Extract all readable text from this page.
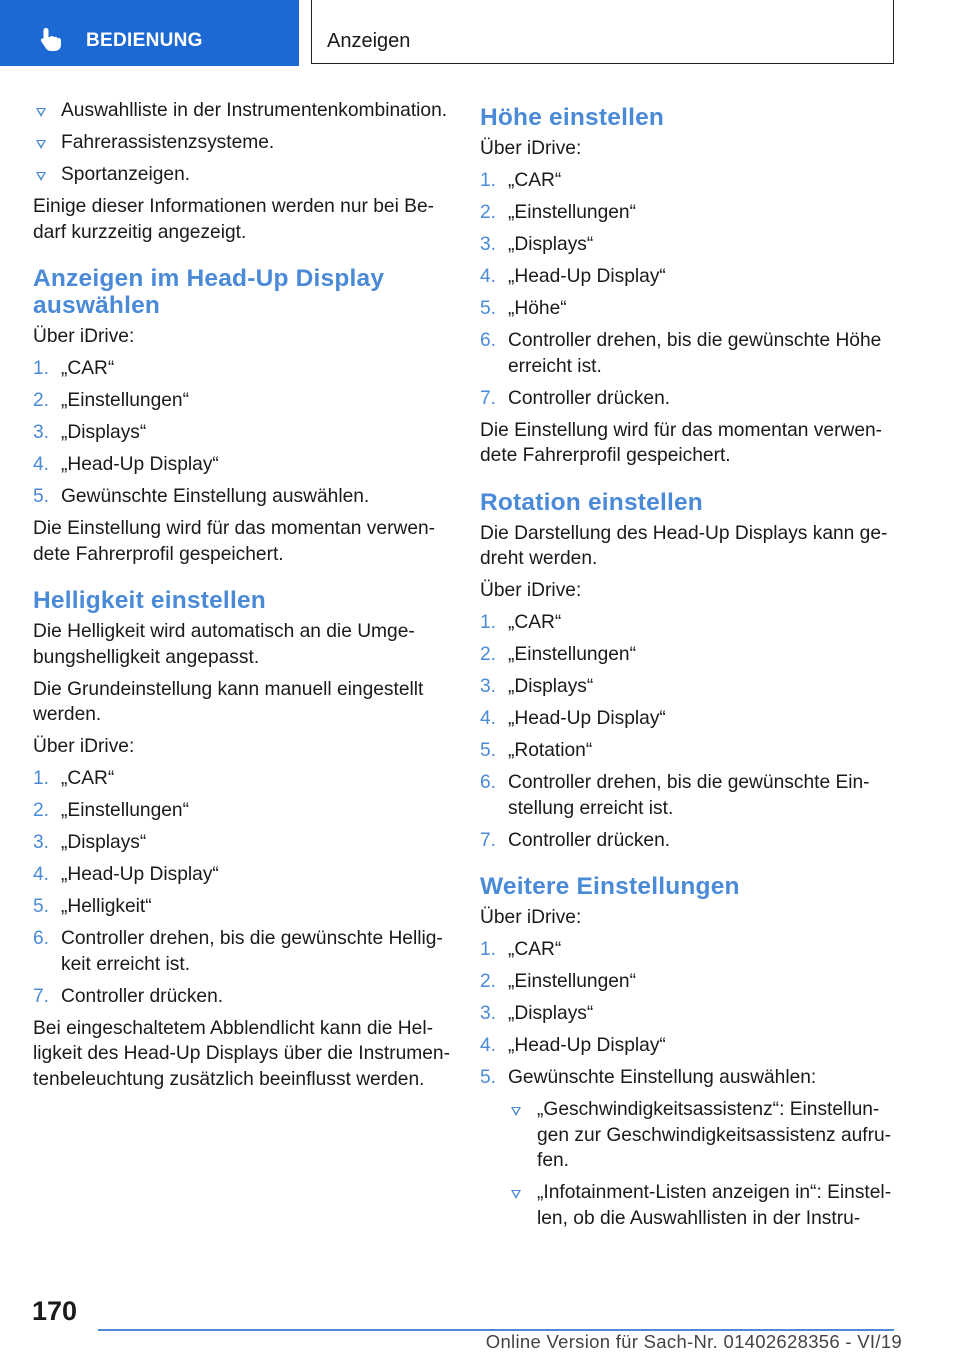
BEDIENUNG	Anzeigen
Auswahlliste in der Instrumentenkombination.
Fahrerassistenzsysteme.
Sportanzeigen.

Einige dieser Informationen werden nur bei Be-darf kurzzeitig angezeigt.

Anzeigen im Head-Up Display auswählen

Über iDrive:

1. „CAR“
2. „Einstellungen“
3. „Displays“
4. „Head-Up Display“
5. Gewünschte Einstellung auswählen.

Die Einstellung wird für das momentan verwen-dete Fahrerprofil gespeichert.

Helligkeit einstellen

Die Helligkeit wird automatisch an die Umge-bungshelligkeit angepasst.

Die Grundeinstellung kann manuell eingestellt werden.

Über iDrive:

1. „CAR“
2. „Einstellungen“
3. „Displays“
4. „Head-Up Display“
5. „Helligkeit“
6. Controller drehen, bis die gewünschte Hellig-keit erreicht ist.
7. Controller drücken.

Bei eingeschaltetem Abblendlicht kann die Hel-ligkeit des Head-Up Displays über die Instrumen-tenbeleuchtung zusätzlich beeinflusst werden.

Höhe einstellen

Über iDrive:

1. „CAR“
2. „Einstellungen“
3. „Displays“
4. „Head-Up Display“
5. „Höhe“
6. Controller drehen, bis die gewünschte Höhe erreicht ist.
7. Controller drücken.

Die Einstellung wird für das momentan verwen-dete Fahrerprofil gespeichert.

Rotation einstellen

Die Darstellung des Head-Up Displays kann ge-dreht werden.

Über iDrive:

1. „CAR“
2. „Einstellungen“
3. „Displays“
4. „Head-Up Display“
5. „Rotation“
6. Controller drehen, bis die gewünschte Ein-stellung erreicht ist.
7. Controller drücken.
Weitere Einstellungen

Über iDrive:

1. „CAR“
2. „Einstellungen“
3. „Displays“
4. „Head-Up Display“
5. Gewünschte Einstellung auswählen:
„Geschwindigkeitsassistenz“: Einstellun-gen zur Geschwindigkeitsassistenz aufru-fen.
„Infotainment-Listen anzeigen in“: Einstel-len, ob die Auswahllisten in der Instru-
170
Online Version für Sach-Nr. 01402628356 - VI/19
